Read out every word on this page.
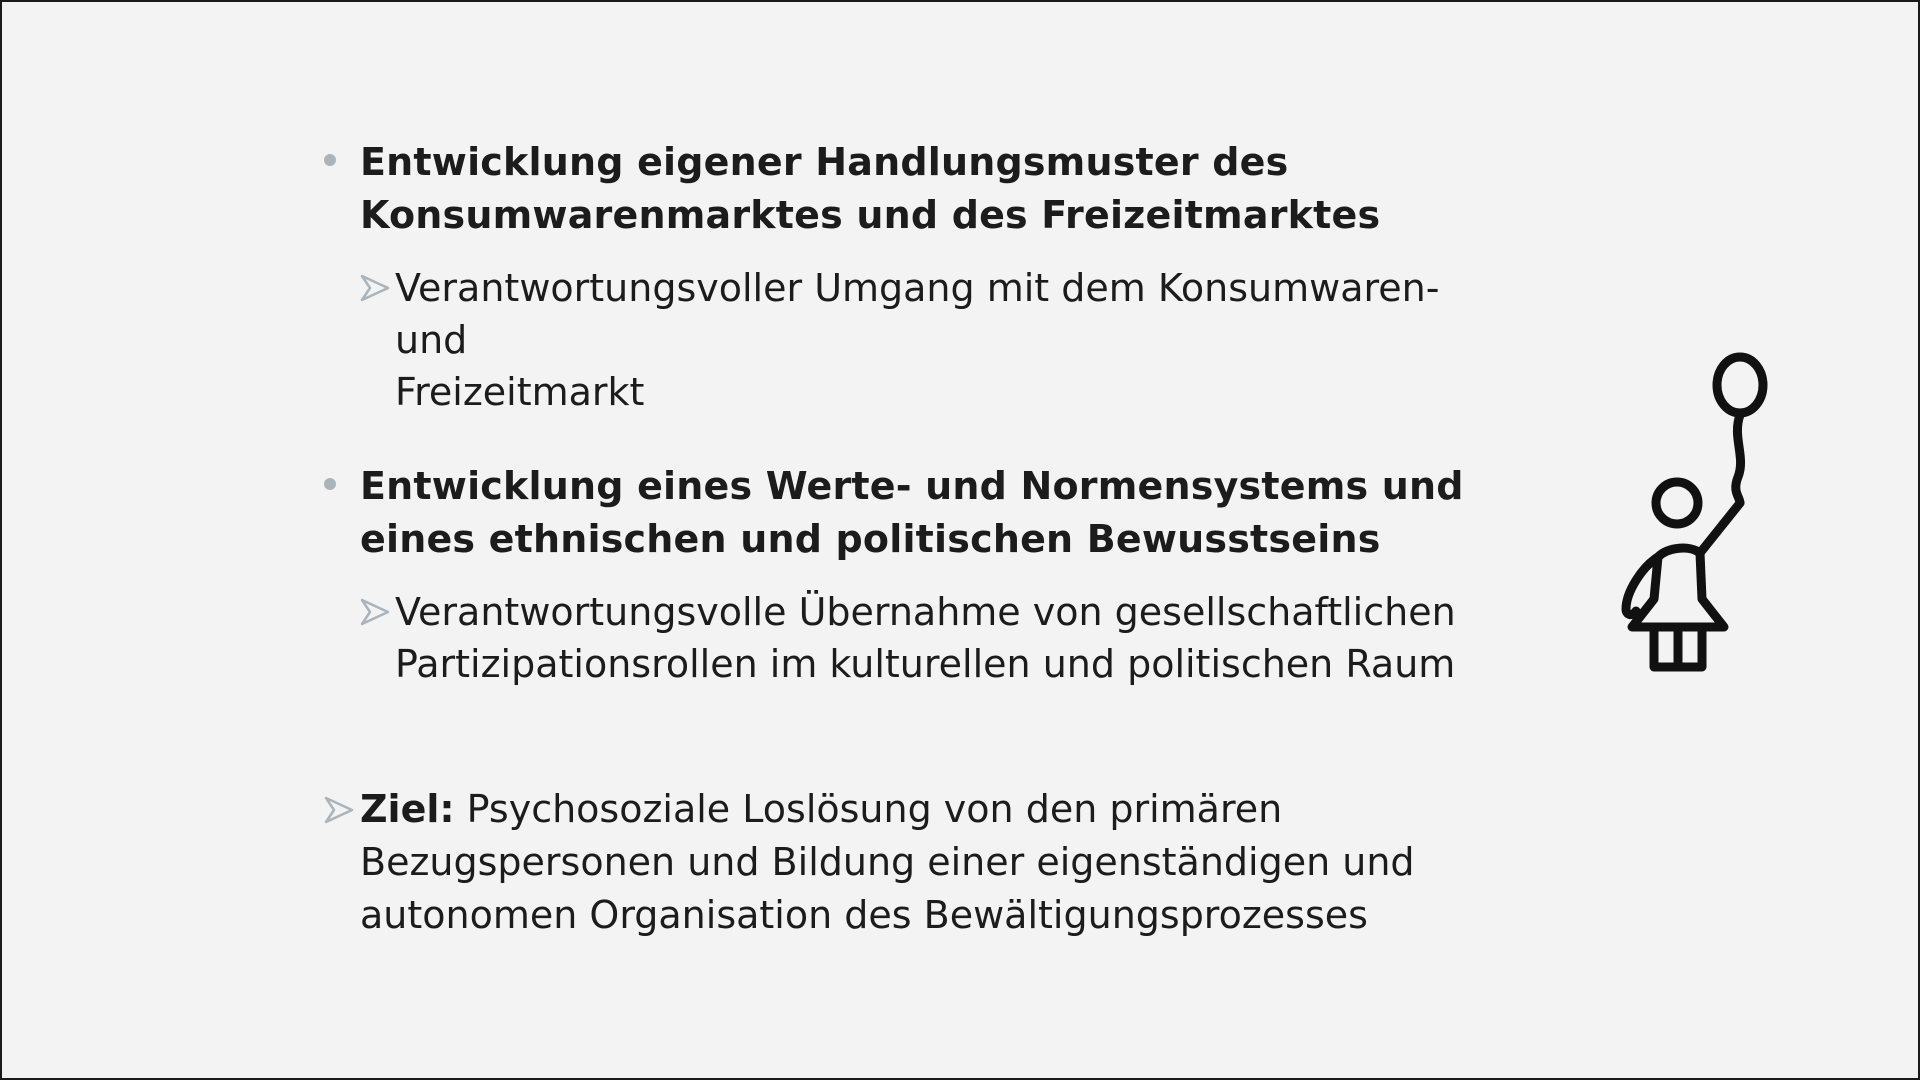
Entwicklung eigener Handlungsmuster des
Konsumwarenmarktes und des Freizeitmarktes
Verantwortungsvoller Umgang mit dem Konsumwaren- und
Freizeitmarkt
Entwicklung eines Werte- und Normensystems und
eines ethnischen und politischen Bewusstseins
Verantwortungsvolle Übernahme von gesellschaftlichen
Partizipationsrollen im kulturellen und politischen Raum
Ziel: Psychosoziale Loslösung von den primären
Bezugspersonen und Bildung einer eigenständigen und
autonomen Organisation des Bewältigungsprozesses
